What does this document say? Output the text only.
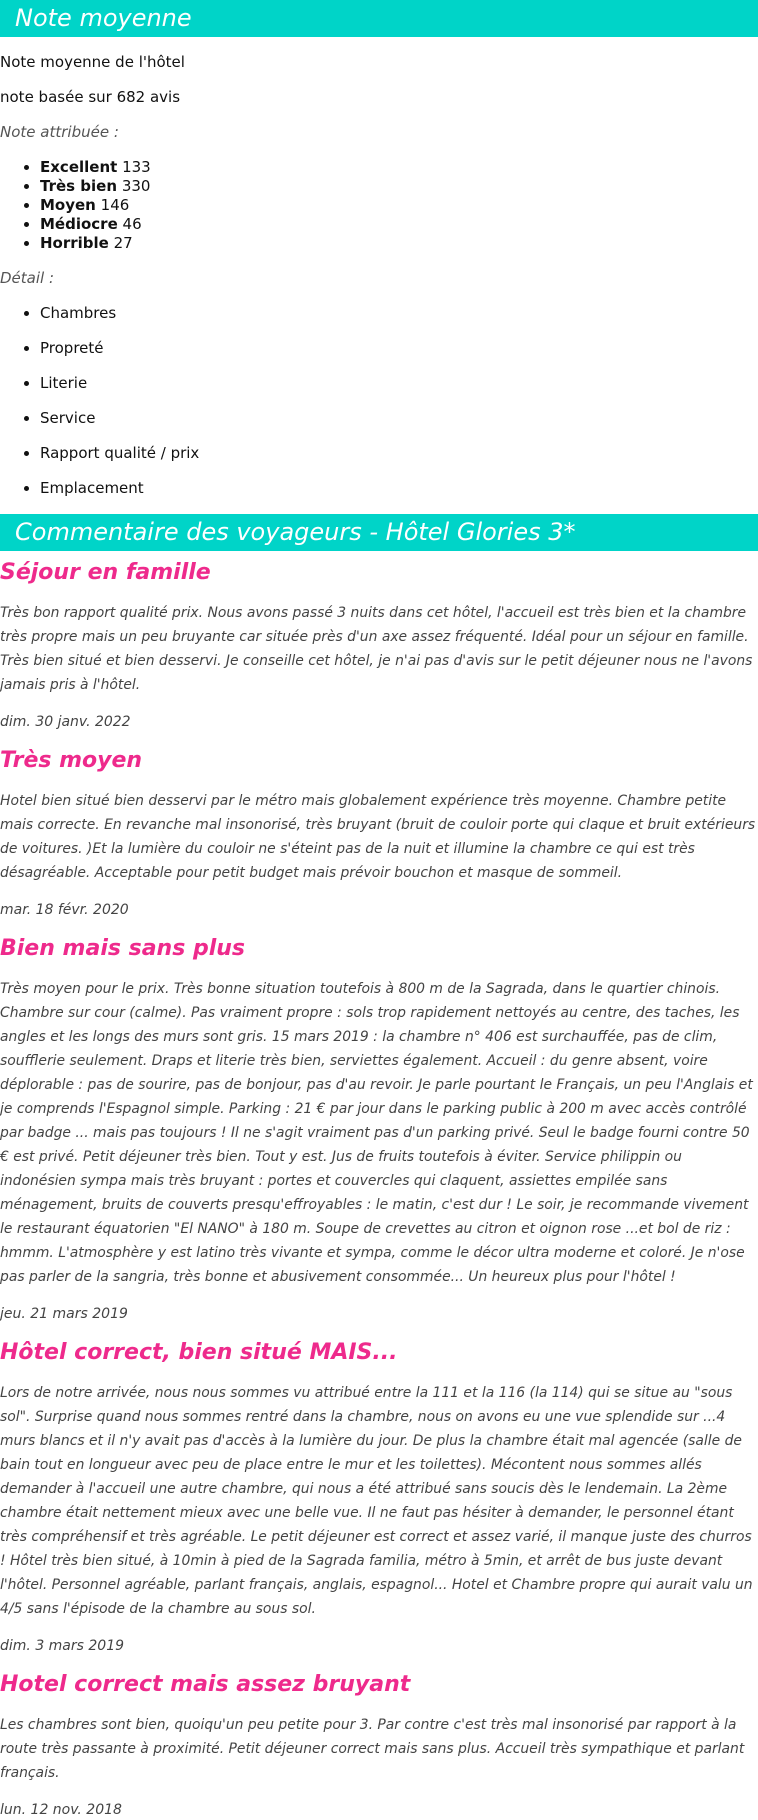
Note moyenne

Note moyenne de l'hôtel

note basée sur 682 avis

Note attribuée :

• Excellent 133
• Très bien 330
• Moyen 146
• Médiocre 46
• Horrible 27

Détail :

• Chambres
• Propreté
• Literie
• Service
• Rapport qualité / prix
• Emplacement
Commentaire des voyageurs - Hôtel Glories 3*
Séjour en famille

Très bon rapport qualité prix. Nous avons passé 3 nuits dans cet hôtel, l'accueil est très bien et la chambre très propre mais un peu bruyante car située près d'un axe assez fréquenté. Idéal pour un séjour en famille. Très bien situé et bien desservi. Je conseille cet hôtel, je n'ai pas d'avis sur le petit déjeuner nous ne l'avons jamais pris à l'hôtel.

dim. 30 janv. 2022

Très moyen

Hotel bien situé bien desservi par le métro mais globalement expérience très moyenne. Chambre petite mais correcte. En revanche mal insonorisé, très bruyant (bruit de couloir porte qui claque et bruit extérieurs de voitures. )Et la lumière du couloir ne s'éteint pas de la nuit et illumine la chambre ce qui est très désagréable. Acceptable pour petit budget mais prévoir bouchon et masque de sommeil.

mar. 18 févr. 2020

Bien mais sans plus

Très moyen pour le prix. Très bonne situation toutefois à 800 m de la Sagrada, dans le quartier chinois. Chambre sur cour (calme). Pas vraiment propre : sols trop rapidement nettoyés au centre, des taches, les angles et les longs des murs sont gris. 15 mars 2019 : la chambre n° 406 est surchauffée, pas de clim, soufflerie seulement. Draps et literie très bien, serviettes également. Accueil : du genre absent, voire déplorable : pas de sourire, pas de bonjour, pas d'au revoir. Je parle pourtant le Français, un peu l'Anglais et je comprends l'Espagnol simple. Parking : 21 € par jour dans le parking public à 200 m avec accès contrôlé par badge ... mais pas toujours ! Il ne s'agit vraiment pas d'un parking privé. Seul le badge fourni contre 50 € est privé. Petit déjeuner très bien. Tout y est. Jus de fruits toutefois à éviter. Service philippin ou indonésien sympa mais très bruyant : portes et couvercles qui claquent, assiettes empilée sans ménagement, bruits de couverts presqu'effroyables : le matin, c'est dur ! Le soir, je recommande vivement le restaurant équatorien "El NANO" à 180 m. Soupe de crevettes au citron et oignon rose ...et bol de riz : hmmm. L'atmosphère y est latino très vivante et sympa, comme le décor ultra moderne et coloré. Je n'ose pas parler de la sangria, très bonne et abusivement consommée... Un heureux plus pour l'hôtel !

jeu. 21 mars 2019

Hôtel correct, bien situé MAIS...

Lors de notre arrivée, nous nous sommes vu attribué entre la 111 et la 116 (la 114) qui se situe au "sous sol". Surprise quand nous sommes rentré dans la chambre, nous on avons eu une vue splendide sur ...4 murs blancs et il n'y avait pas d'accès à la lumière du jour. De plus la chambre était mal agencée (salle de bain tout en longueur avec peu de place entre le mur et les toilettes). Mécontent nous sommes allés demander à l'accueil une autre chambre, qui nous a été attribué sans soucis dès le lendemain. La 2ème chambre était nettement mieux avec une belle vue. Il ne faut pas hésiter à demander, le personnel étant très compréhensif et très agréable. Le petit déjeuner est correct et assez varié, il manque juste des churros ! Hôtel très bien situé, à 10min à pied de la Sagrada familia, métro à 5min, et arrêt de bus juste devant l'hôtel. Personnel agréable, parlant français, anglais, espagnol... Hotel et Chambre propre qui aurait valu un 4/5 sans l'épisode de la chambre au sous sol.

dim. 3 mars 2019

Hotel correct mais assez bruyant

Les chambres sont bien, quoiqu'un peu petite pour 3. Par contre c'est très mal insonorisé par rapport à la route très passante à proximité. Petit déjeuner correct mais sans plus. Accueil très sympathique et parlant français.

lun. 12 nov. 2018
